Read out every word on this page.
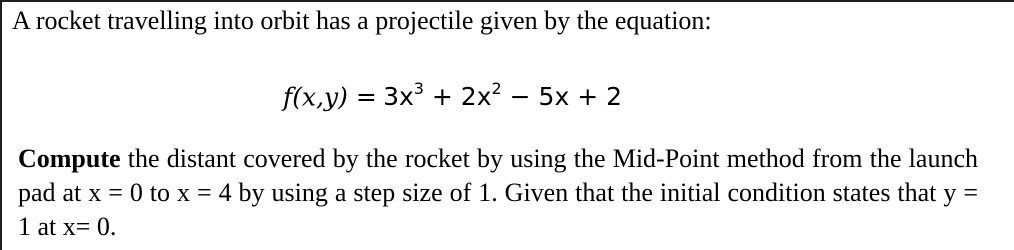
A rocket travelling into orbit has a projectile given by the equation:
$f(x,y) = 3x^3 + 2x^2 - 5x + 2$
Compute the distant covered by the rocket by using the Mid-Point method from the launch pad at x = 0 to x = 4 by using a step size of 1. Given that the initial condition states that y = 1 at x= 0.
